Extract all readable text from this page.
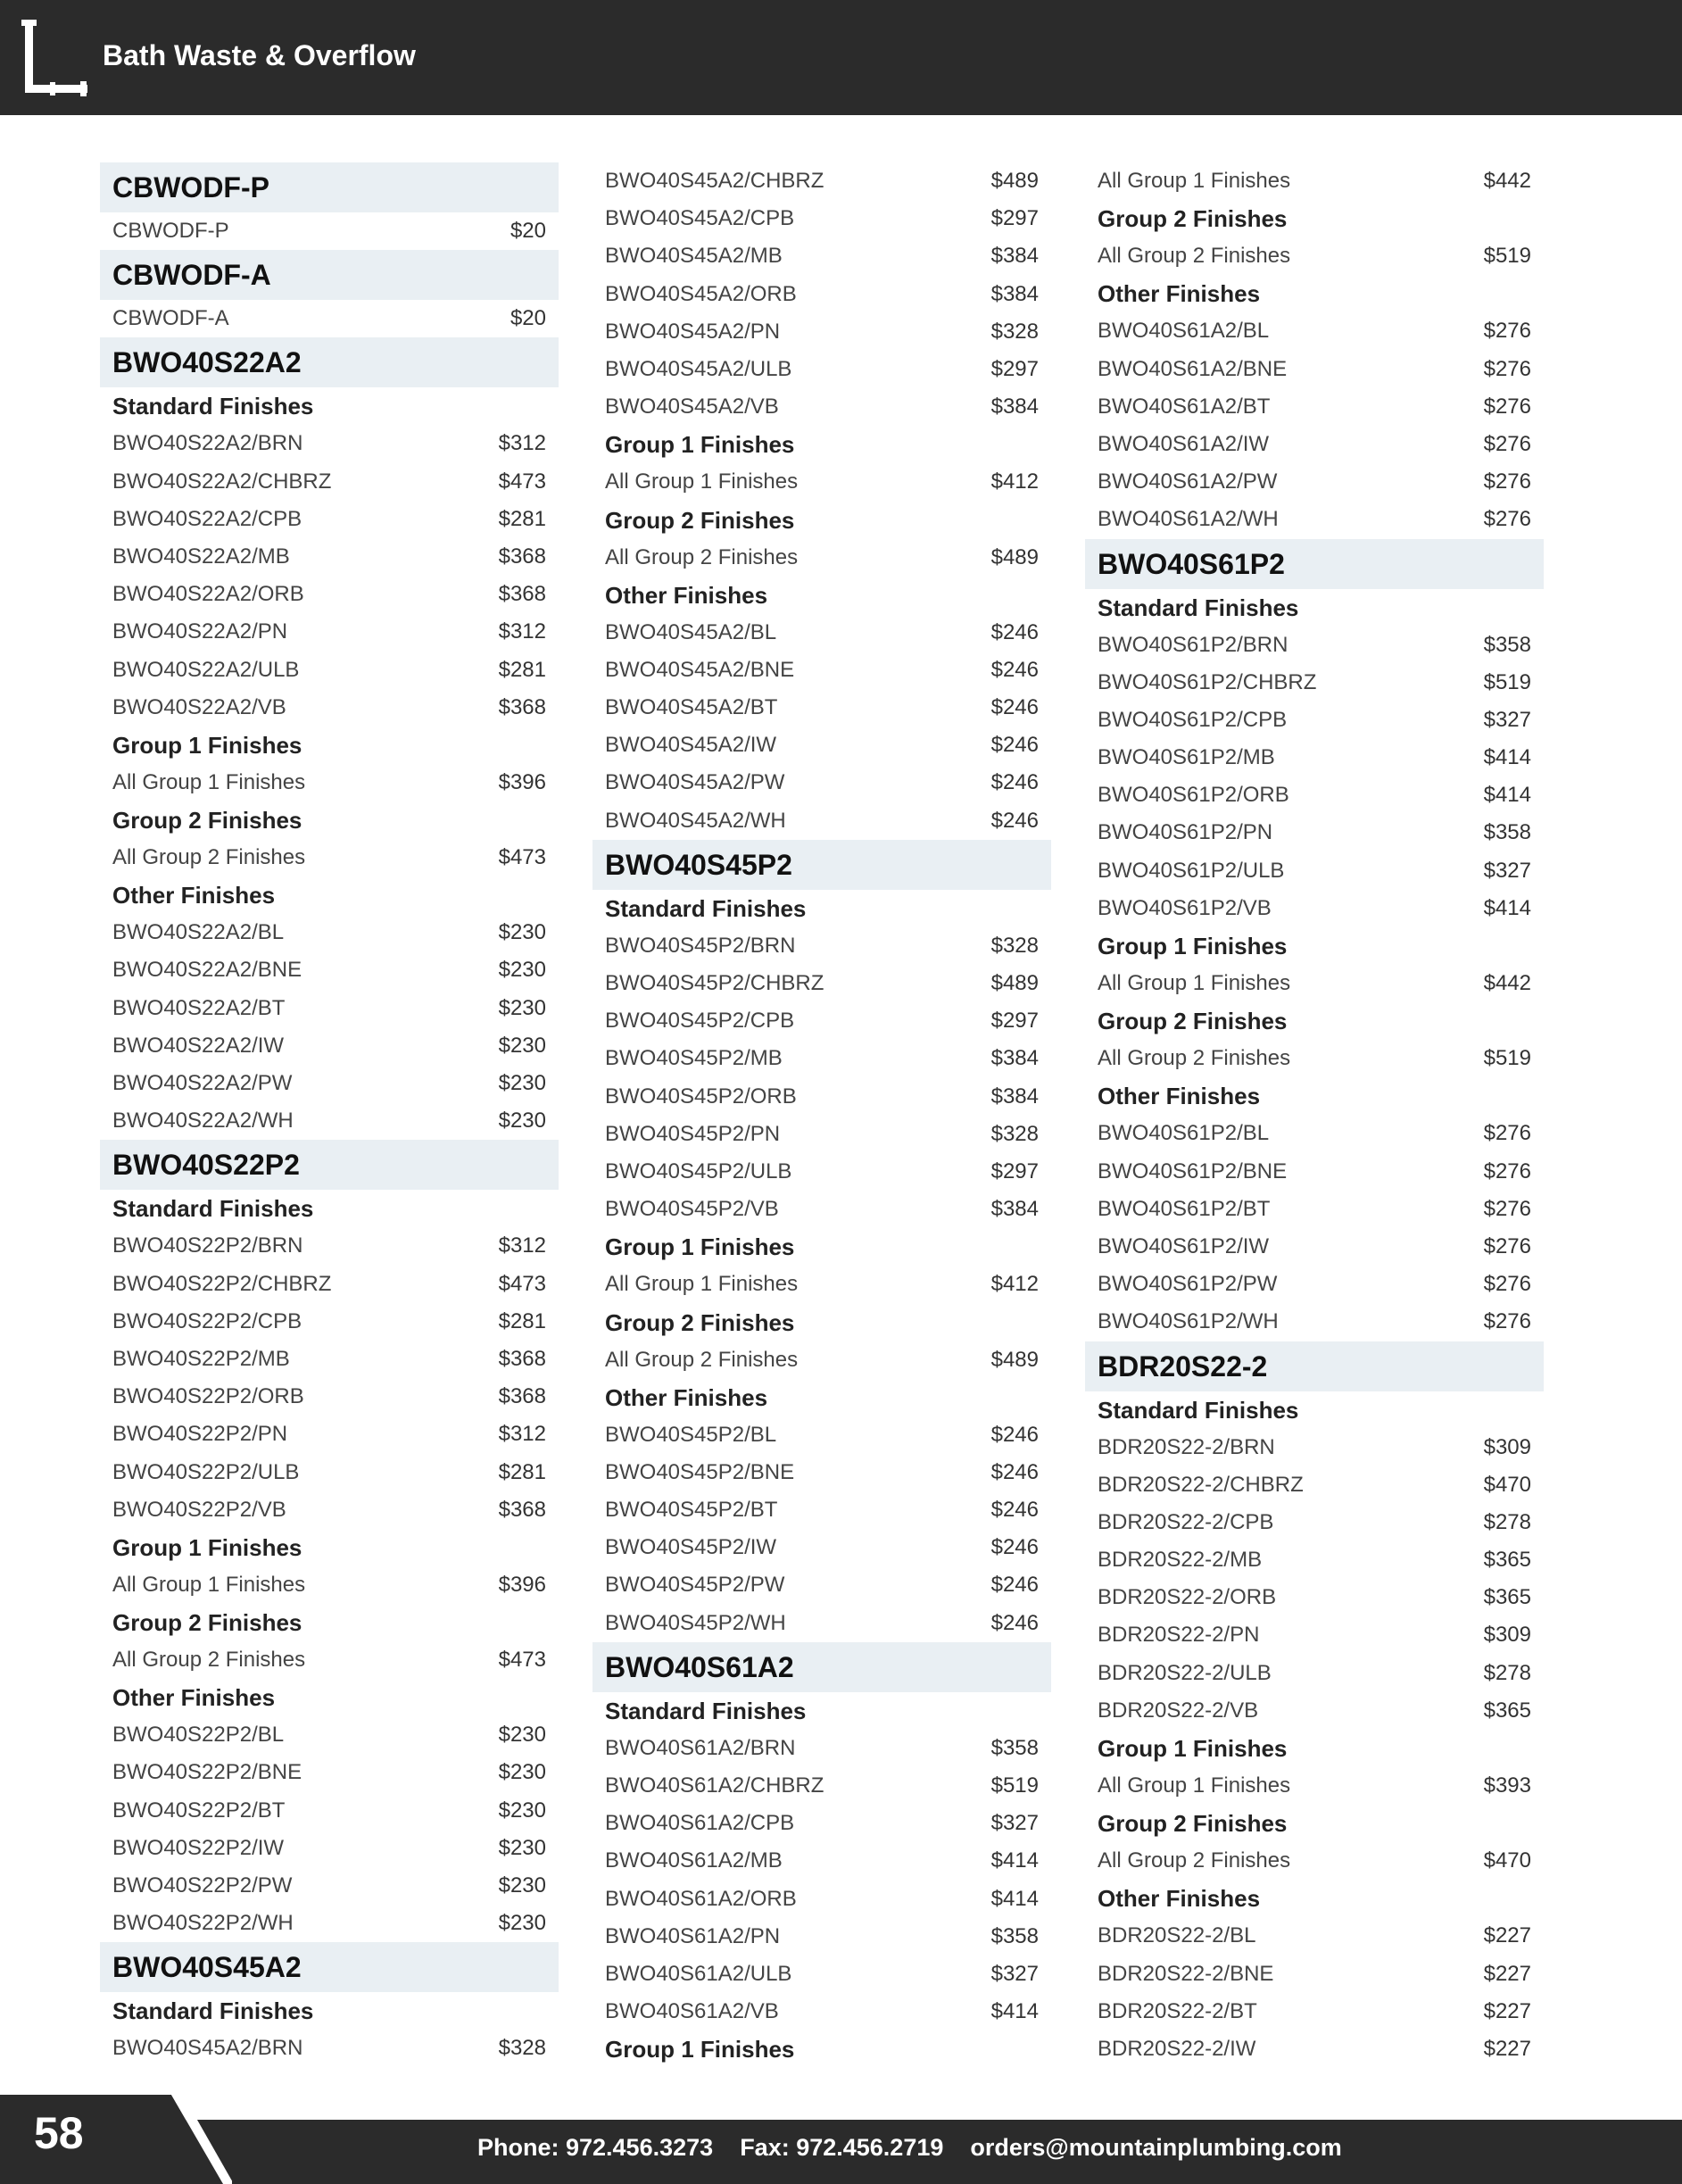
Bath Waste & Overflow
CBWODF-P
CBWODF-P	$20
CBWODF-A
CBWODF-A	$20
BWO40S22A2
Standard Finishes
BWO40S22A2/BRN	$312
BWO40S22A2/CHBRZ	$473
BWO40S22A2/CPB	$281
BWO40S22A2/MB	$368
BWO40S22A2/ORB	$368
BWO40S22A2/PN	$312
BWO40S22A2/ULB	$281
BWO40S22A2/VB	$368
Group 1 Finishes
All Group 1 Finishes	$396
Group 2 Finishes
All Group 2 Finishes	$473
Other Finishes
BWO40S22A2/BL	$230
BWO40S22A2/BNE	$230
BWO40S22A2/BT	$230
BWO40S22A2/IW	$230
BWO40S22A2/PW	$230
BWO40S22A2/WH	$230
BWO40S22P2
Standard Finishes
BWO40S22P2/BRN	$312
BWO40S22P2/CHBRZ	$473
BWO40S22P2/CPB	$281
BWO40S22P2/MB	$368
BWO40S22P2/ORB	$368
BWO40S22P2/PN	$312
BWO40S22P2/ULB	$281
BWO40S22P2/VB	$368
Group 1 Finishes
All Group 1 Finishes	$396
Group 2 Finishes
All Group 2 Finishes	$473
Other Finishes
BWO40S22P2/BL	$230
BWO40S22P2/BNE	$230
BWO40S22P2/BT	$230
BWO40S22P2/IW	$230
BWO40S22P2/PW	$230
BWO40S22P2/WH	$230
BWO40S45A2
Standard Finishes
BWO40S45A2/BRN	$328
BWO40S45A2/CHBRZ	$489
BWO40S45A2/CPB	$297
BWO40S45A2/MB	$384
BWO40S45A2/ORB	$384
BWO40S45A2/PN	$328
BWO40S45A2/ULB	$297
BWO40S45A2/VB	$384
Group 1 Finishes
All Group 1 Finishes	$412
Group 2 Finishes
All Group 2 Finishes	$489
Other Finishes
BWO40S45A2/BL	$246
BWO40S45A2/BNE	$246
BWO40S45A2/BT	$246
BWO40S45A2/IW	$246
BWO40S45A2/PW	$246
BWO40S45A2/WH	$246
BWO40S45P2
Standard Finishes
BWO40S45P2/BRN	$328
BWO40S45P2/CHBRZ	$489
BWO40S45P2/CPB	$297
BWO40S45P2/MB	$384
BWO40S45P2/ORB	$384
BWO40S45P2/PN	$328
BWO40S45P2/ULB	$297
BWO40S45P2/VB	$384
Group 1 Finishes
All Group 1 Finishes	$412
Group 2 Finishes
All Group 2 Finishes	$489
Other Finishes
BWO40S45P2/BL	$246
BWO40S45P2/BNE	$246
BWO40S45P2/BT	$246
BWO40S45P2/IW	$246
BWO40S45P2/PW	$246
BWO40S45P2/WH	$246
BWO40S61A2
Standard Finishes
BWO40S61A2/BRN	$358
BWO40S61A2/CHBRZ	$519
BWO40S61A2/CPB	$327
BWO40S61A2/MB	$414
BWO40S61A2/ORB	$414
BWO40S61A2/PN	$358
BWO40S61A2/ULB	$327
BWO40S61A2/VB	$414
Group 1 Finishes
All Group 1 Finishes	$442
Group 2 Finishes
All Group 2 Finishes	$519
Other Finishes
BWO40S61A2/BL	$276
BWO40S61A2/BNE	$276
BWO40S61A2/BT	$276
BWO40S61A2/IW	$276
BWO40S61A2/PW	$276
BWO40S61A2/WH	$276
BWO40S61P2
Standard Finishes
BWO40S61P2/BRN	$358
BWO40S61P2/CHBRZ	$519
BWO40S61P2/CPB	$327
BWO40S61P2/MB	$414
BWO40S61P2/ORB	$414
BWO40S61P2/PN	$358
BWO40S61P2/ULB	$327
BWO40S61P2/VB	$414
Group 1 Finishes
All Group 1 Finishes	$442
Group 2 Finishes
All Group 2 Finishes	$519
Other Finishes
BWO40S61P2/BL	$276
BWO40S61P2/BNE	$276
BWO40S61P2/BT	$276
BWO40S61P2/IW	$276
BWO40S61P2/PW	$276
BWO40S61P2/WH	$276
BDR20S22-2
Standard Finishes
BDR20S22-2/BRN	$309
BDR20S22-2/CHBRZ	$470
BDR20S22-2/CPB	$278
BDR20S22-2/MB	$365
BDR20S22-2/ORB	$365
BDR20S22-2/PN	$309
BDR20S22-2/ULB	$278
BDR20S22-2/VB	$365
Group 1 Finishes
All Group 1 Finishes	$393
Group 2 Finishes
All Group 2 Finishes	$470
Other Finishes
BDR20S22-2/BL	$227
BDR20S22-2/BNE	$227
BDR20S22-2/BT	$227
BDR20S22-2/IW	$227
58	Phone: 972.456.3273 Fax: 972.456.2719 orders@mountainplumbing.com
